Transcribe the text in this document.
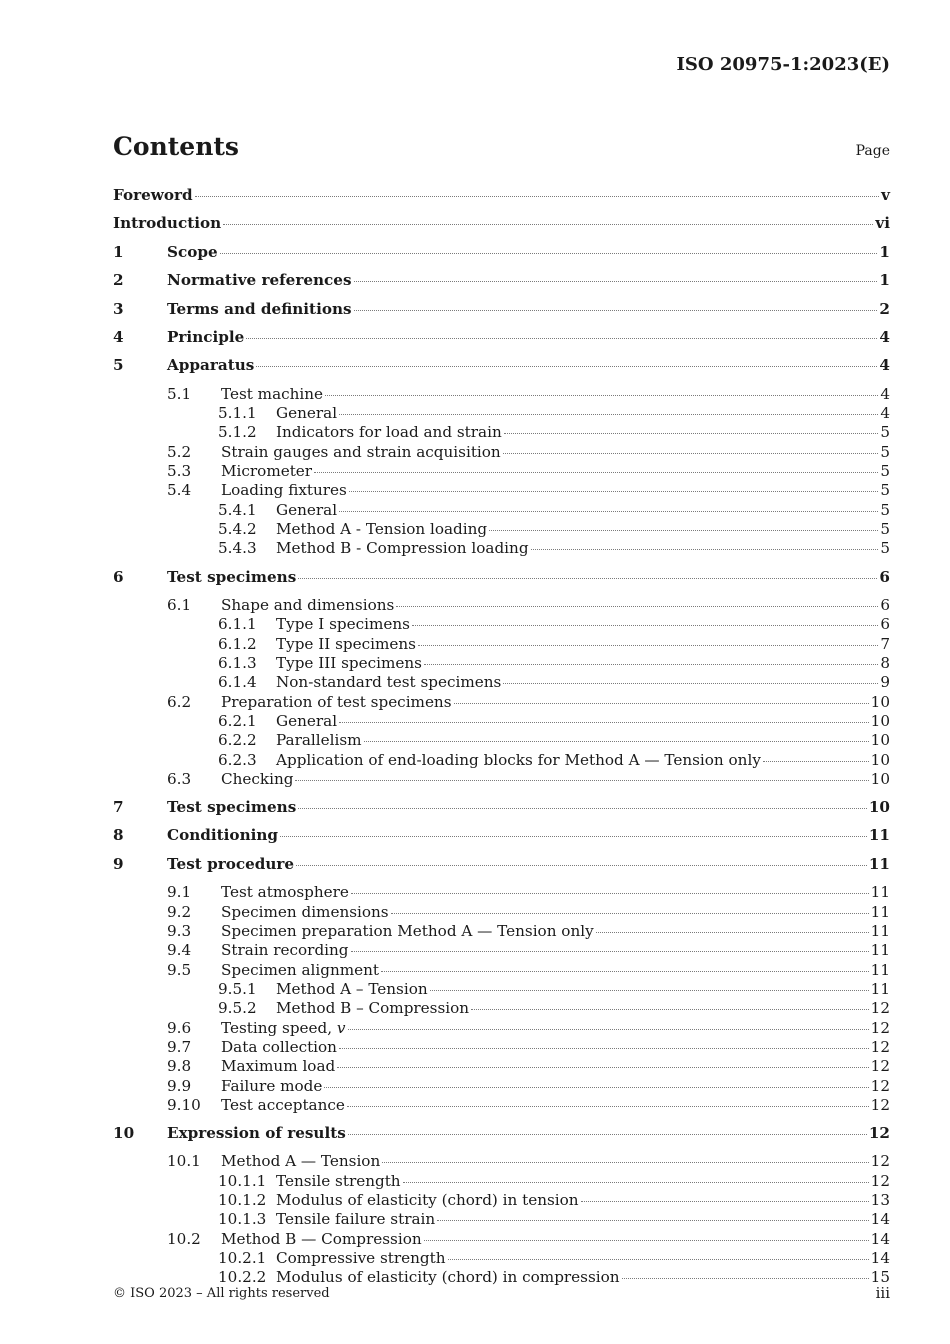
ISO 20975-1:2023(E)
Contents	Page
Foreword	v
Introduction	vi
1	Scope	1
2	Normative references	1
3	Terms and definitions	2
4	Principle	4
5	Apparatus	4
5.1 Test machine	4
5.1.1 General	4
5.1.2 Indicators for load and strain	5
5.2 Strain gauges and strain acquisition	5
5.3 Micrometer	5
5.4 Loading fixtures	5
5.4.1 General	5
5.4.2 Method A - Tension loading	5
5.4.3 Method B - Compression loading	5
6	Test specimens	6
6.1 Shape and dimensions	6
6.1.1 Type I specimens	6
6.1.2 Type II specimens	7
6.1.3 Type III specimens	8
6.1.4 Non-standard test specimens	9
6.2 Preparation of test specimens	10
6.2.1 General	10
6.2.2 Parallelism	10
6.2.3 Application of end-loading blocks for Method A — Tension only	10
6.3 Checking	10
7	Test specimens	10
8	Conditioning	11
9	Test procedure	11
9.1 Test atmosphere	11
9.2 Specimen dimensions	11
9.3 Specimen preparation Method A — Tension only	11
9.4 Strain recording	11
9.5 Specimen alignment	11
9.5.1 Method A – Tension	11
9.5.2 Method B – Compression	12
9.6 Testing speed, v	12
9.7 Data collection	12
9.8 Maximum load	12
9.9 Failure mode	12
9.10 Test acceptance	12
10 Expression of results	12
10.1 Method A — Tension	12
10.1.1 Tensile strength	12
10.1.2 Modulus of elasticity (chord) in tension	13
10.1.3 Tensile failure strain	14
10.2 Method B — Compression	14
10.2.1 Compressive strength	14
10.2.2 Modulus of elasticity (chord) in compression	15
© ISO 2023 – All rights reserved	iii
